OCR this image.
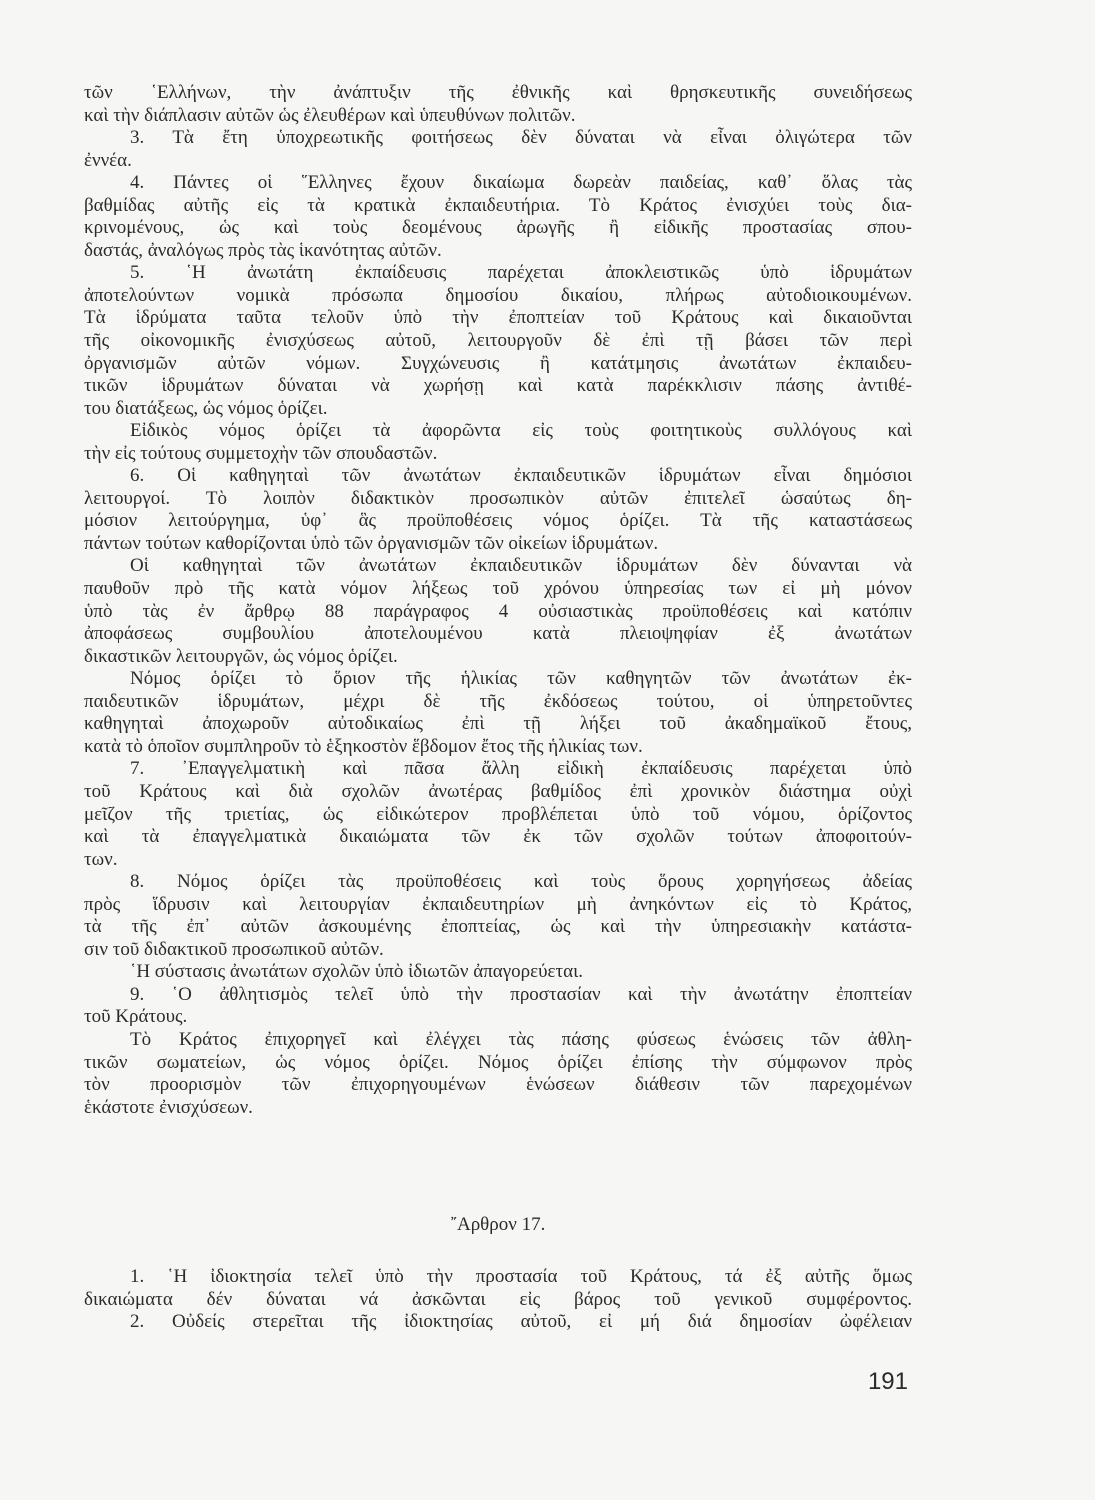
τῶν ῾Ελλήνων, τὴν ἀνάπτυξιν τῆς ἐθνικῆς καὶ θρησκευτικῆς συνειδήσεως
καὶ τὴν διάπλασιν αὐτῶν ὡς ἐλευθέρων καὶ ὑπευθύνων πολιτῶν.
3. Τὰ ἔτη ὑποχρεωτικῆς φοιτήσεως δὲν δύναται νὰ εἶναι ὀλιγώτερα τῶν
ἐννέα.
4. Πάντες οἱ ῞Ελληνες ἔχουν δικαίωμα δωρεὰν παιδείας, καθ᾿ ὅλας τὰς
βαθμίδας αὐτῆς εἰς τὰ κρατικὰ ἐκπαιδευτήρια. Τὸ Κράτος ἐνισχύει τοὺς δια-
κρινομένους, ὡς καὶ τοὺς δεομένους ἀρωγῆς ἢ εἰδικῆς προστασίας σπου-
δαστάς, ἀναλόγως πρὸς τὰς ἱκανότητας αὐτῶν.
5. ῾Η ἀνωτάτη ἐκπαίδευσις παρέχεται ἀποκλειστικῶς ὑπὸ ἱδρυμάτων
ἀποτελούντων νομικὰ πρόσωπα δημοσίου δικαίου, πλήρως αὐτοδιοικουμένων.
Τὰ ἱδρύματα ταῦτα τελοῦν ὑπὸ τὴν ἐποπτείαν τοῦ Κράτους καὶ δικαιοῦνται
τῆς οἰκονομικῆς ἐνισχύσεως αὐτοῦ, λειτουργοῦν δὲ ἐπὶ τῇ βάσει τῶν περὶ
ὀργανισμῶν αὐτῶν νόμων. Συγχώνευσις ἢ κατάτμησις ἀνωτάτων ἐκπαιδευ-
τικῶν ἱδρυμάτων δύναται νὰ χωρήσῃ καὶ κατὰ παρέκκλισιν πάσης ἀντιθέ-
του διατάξεως, ὡς νόμος ὁρίζει.
Εἰδικὸς νόμος ὁρίζει τὰ ἀφορῶντα εἰς τοὺς φοιτητικοὺς συλλόγους καὶ
τὴν εἰς τούτους συμμετοχὴν τῶν σπουδαστῶν.
6. Οἱ καθηγηταὶ τῶν ἀνωτάτων ἐκπαιδευτικῶν ἱδρυμάτων εἶναι δημόσιοι
λειτουργοί. Τὸ λοιπὸν διδακτικὸν προσωπικὸν αὐτῶν ἐπιτελεῖ ὡσαύτως δη-
μόσιον λειτούργημα, ὑφ᾿ ἃς προϋποθέσεις νόμος ὁρίζει. Τὰ τῆς καταστάσεως
πάντων τούτων καθορίζονται ὑπὸ τῶν ὀργανισμῶν τῶν οἰκείων ἱδρυμάτων.
Οἱ καθηγηταὶ τῶν ἀνωτάτων ἐκπαιδευτικῶν ἱδρυμάτων δὲν δύνανται νὰ
παυθοῦν πρὸ τῆς κατὰ νόμον λήξεως τοῦ χρόνου ὑπηρεσίας των εἰ μὴ μόνον
ὑπὸ τὰς ἐν ἄρθρῳ 88 παράγραφος 4 οὐσιαστικὰς προϋποθέσεις καὶ κατόπιν
ἀποφάσεως συμβουλίου ἀποτελουμένου κατὰ πλειοψηφίαν ἐξ ἀνωτάτων
δικαστικῶν λειτουργῶν, ὡς νόμος ὁρίζει.
Νόμος ὁρίζει τὸ ὅριον τῆς ἡλικίας τῶν καθηγητῶν τῶν ἀνωτάτων ἐκ-
παιδευτικῶν ἱδρυμάτων, μέχρι δὲ τῆς ἐκδόσεως τούτου, οἱ ὑπηρετοῦντες
καθηγηταὶ ἀποχωροῦν αὐτοδικαίως ἐπὶ τῇ λήξει τοῦ ἀκαδημαϊκοῦ ἔτους,
κατὰ τὸ ὁποῖον συμπληροῦν τὸ ἑξηκοστὸν ἕβδομον ἔτος τῆς ἡλικίας των.
7. ᾿Επαγγελματικὴ καὶ πᾶσα ἄλλη εἰδικὴ ἐκπαίδευσις παρέχεται ὑπὸ
τοῦ Κράτους καὶ διὰ σχολῶν ἀνωτέρας βαθμίδος ἐπὶ χρονικὸν διάστημα οὐχὶ
μεῖζον τῆς τριετίας, ὡς εἰδικώτερον προβλέπεται ὑπὸ τοῦ νόμου, ὁρίζοντος
καὶ τὰ ἐπαγγελματικὰ δικαιώματα τῶν ἐκ τῶν σχολῶν τούτων ἀποφοιτούν-
των.
8. Νόμος ὁρίζει τὰς προϋποθέσεις καὶ τοὺς ὅρους χορηγήσεως ἀδείας
πρὸς ἵδρυσιν καὶ λειτουργίαν ἐκπαιδευτηρίων μὴ ἀνηκόντων εἰς τὸ Κράτος,
τὰ τῆς ἐπ᾿ αὐτῶν ἀσκουμένης ἐποπτείας, ὡς καὶ τὴν ὑπηρεσιακὴν κατάστα-
σιν τοῦ διδακτικοῦ προσωπικοῦ αὐτῶν.
῾Η σύστασις ἀνωτάτων σχολῶν ὑπὸ ἰδιωτῶν ἀπαγορεύεται.
9. ῾Ο ἀθλητισμὸς τελεῖ ὑπὸ τὴν προστασίαν καὶ τὴν ἀνωτάτην ἐποπτείαν
τοῦ Κράτους.
Τὸ Κράτος ἐπιχορηγεῖ καὶ ἐλέγχει τὰς πάσης φύσεως ἑνώσεις τῶν ἀθλη-
τικῶν σωματείων, ὡς νόμος ὁρίζει. Νόμος ὁρίζει ἐπίσης τὴν σύμφωνον πρὸς
τὸν προορισμὸν τῶν ἐπιχορηγουμένων ἑνώσεων διάθεσιν τῶν παρεχομένων
ἑκάστοτε ἐνισχύσεων.
῎Αρθρον 17.
1. ῾Η ἰδιοκτησία τελεῖ ὑπὸ τὴν προστασία τοῦ Κράτους, τά ἐξ αὐτῆς ὅμως
δικαιώματα δέν δύναται νά ἀσκῶνται εἰς βάρος τοῦ γενικοῦ συμφέροντος.
2. Οὐδείς στερεῖται τῆς ἰδιοκτησίας αὐτοῦ, εἰ μή διά δημοσίαν ὠφέλειαν
191
